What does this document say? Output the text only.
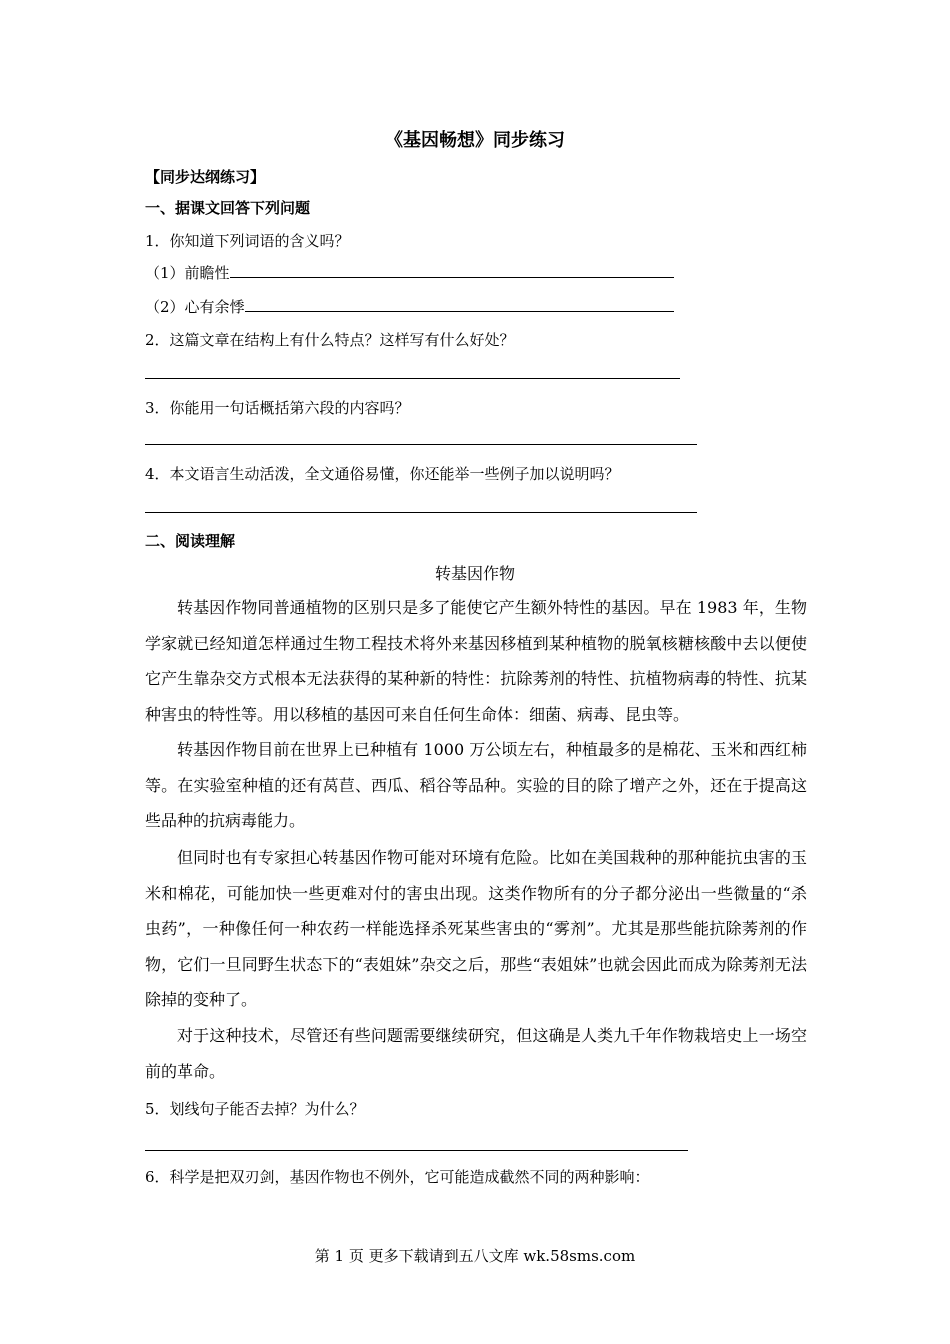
《基因畅想》同步练习
【同步达纲练习】
一、据课文回答下列问题
1．你知道下列词语的含义吗？
（1）前瞻性
（2）心有余悸
2．这篇文章在结构上有什么特点？这样写有什么好处？
3．你能用一句话概括第六段的内容吗？
4．本文语言生动活泼，全文通俗易懂，你还能举一些例子加以说明吗？
二、阅读理解
转基因作物
转基因作物同普通植物的区别只是多了能使它产生额外特性的基因。早在 1983 年，生物学家就已经知道怎样通过生物工程技术将外来基因移植到某种植物的脱氧核糖核酸中去以便使它产生靠杂交方式根本无法获得的某种新的特性：抗除莠剂的特性、抗植物病毒的特性、抗某种害虫的特性等。用以移植的基因可来自任何生命体：细菌、病毒、昆虫等。
转基因作物目前在世界上已种植有 1000 万公顷左右，种植最多的是棉花、玉米和西红柿等。在实验室种植的还有莴苣、西瓜、稻谷等品种。实验的目的除了增产之外，还在于提高这些品种的抗病毒能力。
但同时也有专家担心转基因作物可能对环境有危险。比如在美国栽种的那种能抗虫害的玉米和棉花，可能加快一些更难对付的害虫出现。这类作物所有的分子都分泌出一些微量的“杀虫药”，一种像任何一种农药一样能选择杀死某些害虫的“雾剂”。尤其是那些能抗除莠剂的作物，它们一旦同野生状态下的“表姐妹”杂交之后，那些“表姐妹”也就会因此而成为除莠剂无法除掉的变种了。
对于这种技术，尽管还有些问题需要继续研究，但这确是人类九千年作物栽培史上一场空前的革命。
5．划线句子能否去掉？为什么？
6．科学是把双刃剑，基因作物也不例外，它可能造成截然不同的两种影响：
第 1 页 更多下载请到五八文库 wk.58sms.com
